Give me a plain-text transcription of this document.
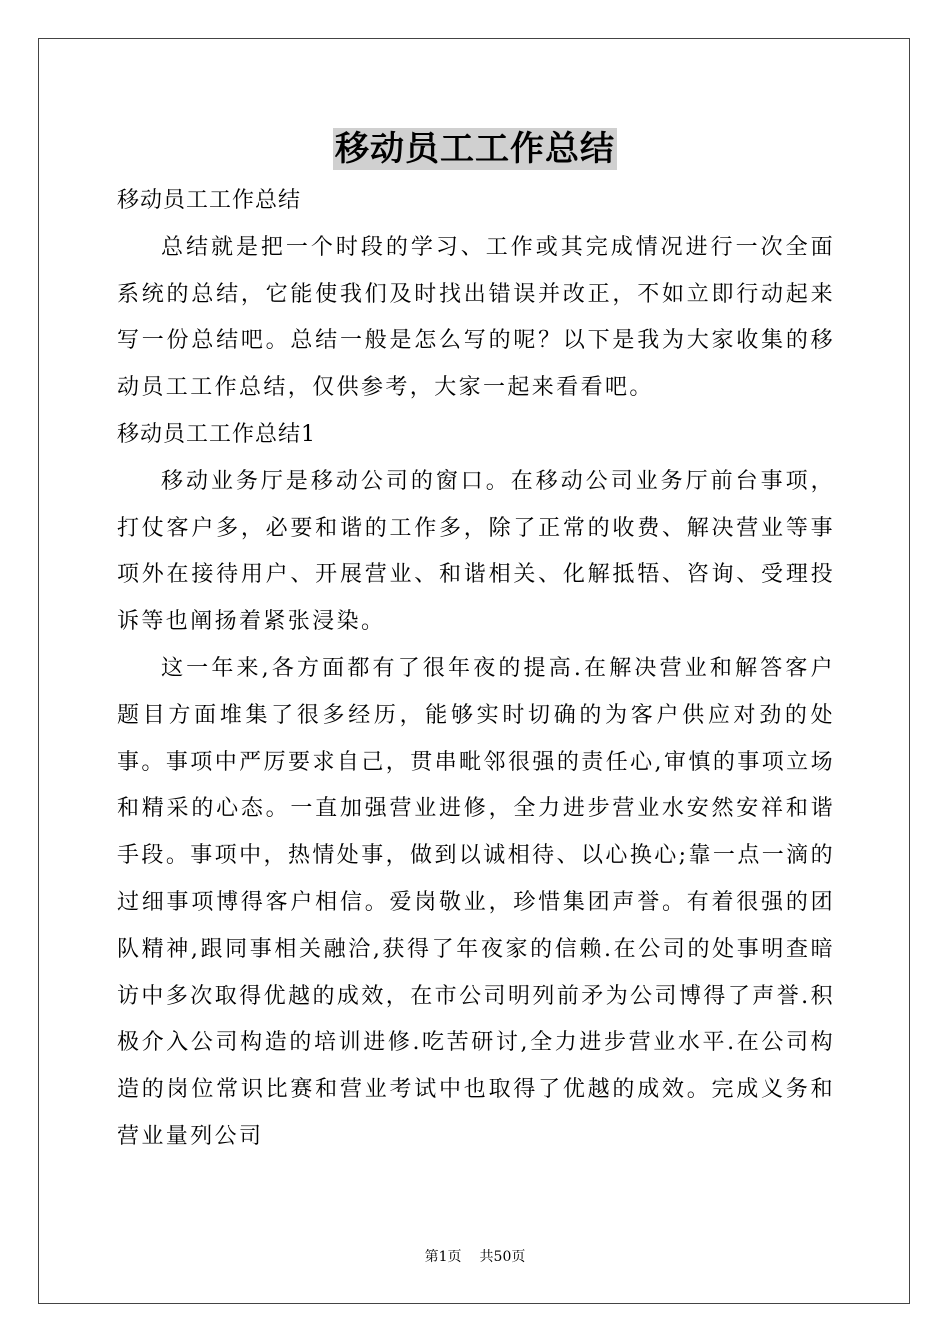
移动员工工作总结

移动员工工作总结

总结就是把一个时段的学习、工作或其完成情况进行一次全面系统的总结，它能使我们及时找出错误并改正，不如立即行动起来写一份总结吧。总结一般是怎么写的呢？以下是我为大家收集的移动员工工作总结，仅供参考，大家一起来看看吧。

移动员工工作总结1

移动业务厅是移动公司的窗口。在移动公司业务厅前台事项，打仗客户多，必要和谐的工作多，除了正常的收费、解决营业等事项外在接待用户、开展营业、和谐相关、化解抵牾、咨询、受理投诉等也阐扬着紧张浸染。

这一年来,各方面都有了很年夜的提高.在解决营业和解答客户题目方面堆集了很多经历，能够实时切确的为客户供应对劲的处事。事项中严厉要求自己，贯串毗邻很强的责任心,审慎的事项立场和精采的心态。一直加强营业进修，全力进步营业水安然安祥和谐手段。事项中，热情处事，做到以诚相待、以心换心;靠一点一滴的过细事项博得客户相信。爱岗敬业，珍惜集团声誉。有着很强的团队精神,跟同事相关融洽,获得了年夜家的信赖.在公司的处事明查暗访中多次取得优越的成效，在市公司明列前矛为公司博得了声誉.积极介入公司构造的培训进修.吃苦研讨,全力进步营业水平.在公司构造的岗位常识比赛和营业考试中也取得了优越的成效。完成义务和营业量列公司

第1页 共50页
